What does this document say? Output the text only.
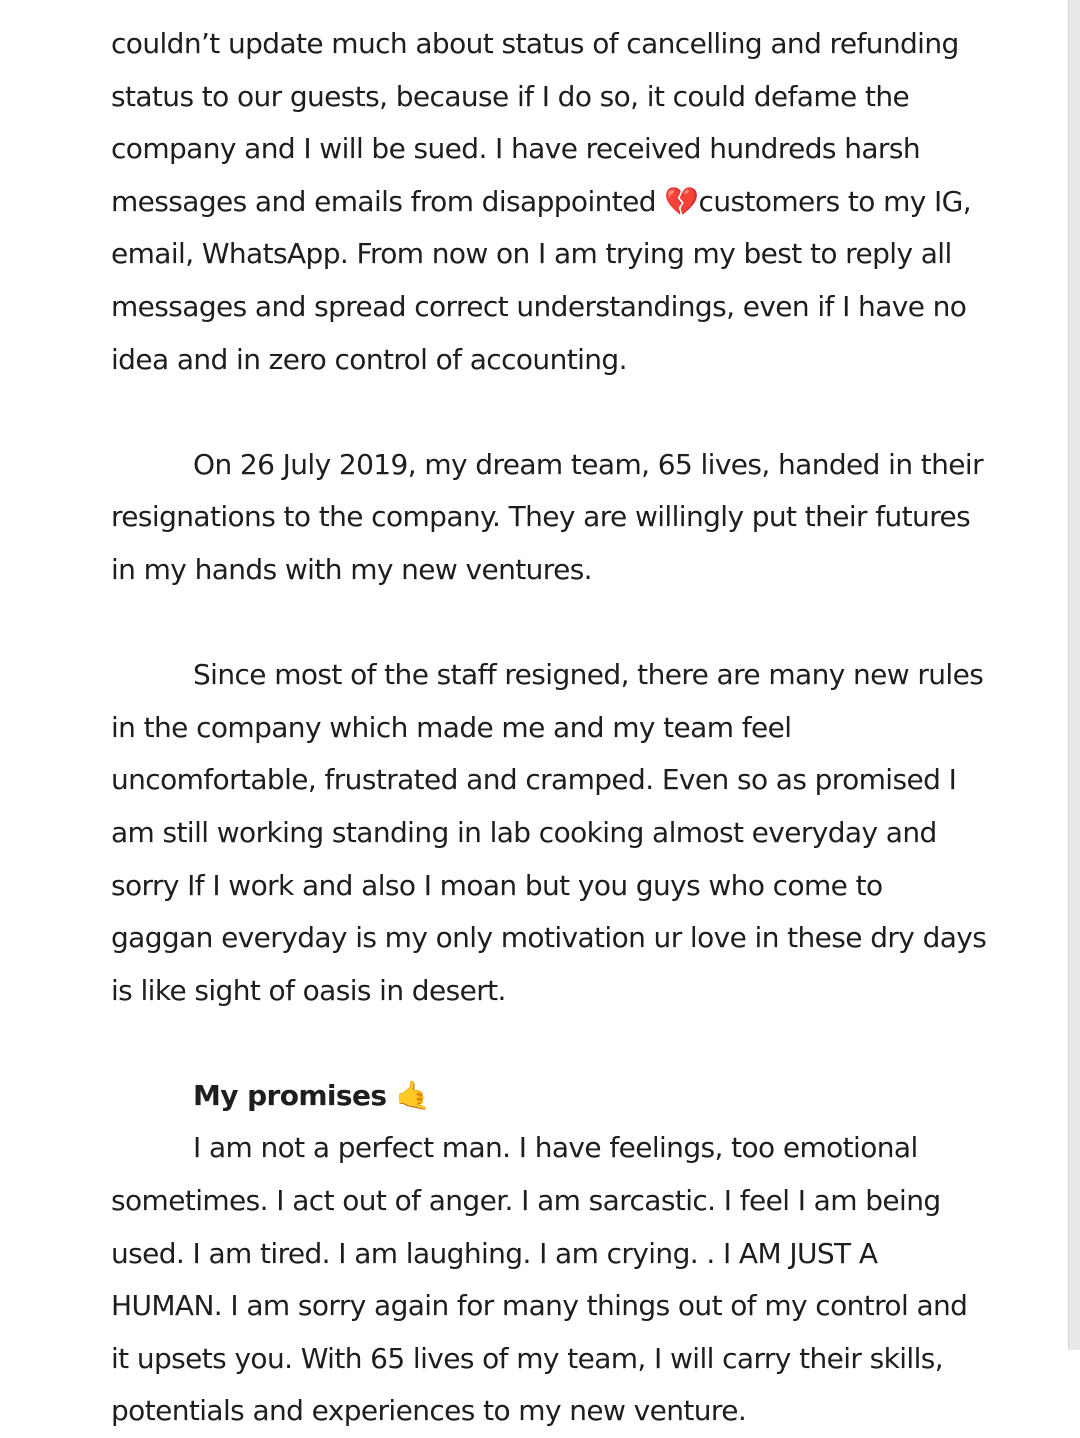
couldn’t update much about status of cancelling and refunding status to our guests, because if I do so, it could defame the company and I will be sued. I have received hundreds harsh messages and emails from disappointed 💔customers to my IG, email, WhatsApp. From now on I am trying my best to reply all messages and spread correct understandings, even if I have no idea and in zero control of accounting.

On 26 July 2019, my dream team, 65 lives, handed in their resignations to the company. They are willingly put their futures in my hands with my new ventures.

Since most of the staff resigned, there are many new rules in the company which made me and my team feel uncomfortable, frustrated and cramped. Even so as promised I am still working standing in lab cooking almost everyday and sorry If I work and also I moan but you guys who come to gaggan everyday is my only motivation ur love in these dry days is like sight of oasis in desert.

My promises 🤙

I am not a perfect man. I have feelings, too emotional sometimes. I act out of anger. I am sarcastic. I feel I am being used. I am tired. I am laughing. I am crying. . I AM JUST A HUMAN. I am sorry again for many things out of my control and it upsets you. With 65 lives of my team, I will carry their skills, potentials and experiences to my new venture.
